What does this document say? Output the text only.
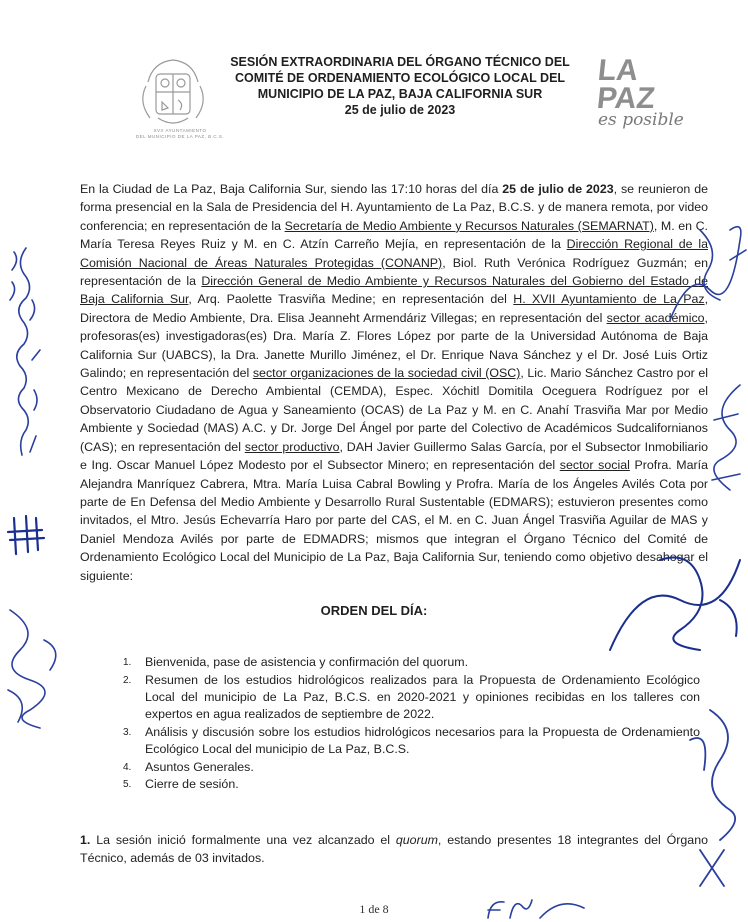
XVII AYUNTAMIENTO
DEL MUNICIPIO DE LA PAZ, B.C.S.
SESIÓN EXTRAORDINARIA DEL ÓRGANO TÉCNICO DEL
COMITÉ DE ORDENAMIENTO ECOLÓGICO LOCAL DEL
MUNICIPIO DE LA PAZ, BAJA CALIFORNIA SUR
25 de julio de 2023
LA
PAZ
es posible
En la Ciudad de La Paz, Baja California Sur, siendo las 17:10 horas del día 25 de julio de 2023, se reunieron de forma presencial en la Sala de Presidencia del H. Ayuntamiento de La Paz, B.C.S. y de manera remota, por video conferencia; en representación de la Secretaría de Medio Ambiente y Recursos Naturales (SEMARNAT), M. en C. María Teresa Reyes Ruiz y M. en C. Atzín Carreño Mejía, en representación de la Dirección Regional de la Comisión Nacional de Áreas Naturales Protegidas (CONANP), Biol. Ruth Verónica Rodríguez Guzmán; en representación de la Dirección General de Medio Ambiente y Recursos Naturales del Gobierno del Estado de Baja California Sur, Arq. Paolette Trasviña Medine; en representación del H. XVII Ayuntamiento de La Paz, Directora de Medio Ambiente, Dra. Elisa Jeanneht Armendáriz Villegas; en representación del sector académico, profesoras(es) investigadoras(es) Dra. María Z. Flores López por parte de la Universidad Autónoma de Baja California Sur (UABCS), la Dra. Janette Murillo Jiménez, el Dr. Enrique Nava Sánchez y el Dr. José Luis Ortiz Galindo; en representación del sector organizaciones de la sociedad civil (OSC), Lic. Mario Sánchez Castro por el Centro Mexicano de Derecho Ambiental (CEMDA), Espec. Xóchitl Domitila Oceguera Rodríguez por el Observatorio Ciudadano de Agua y Saneamiento (OCAS) de La Paz y M. en C. Anahí Trasviña Mar por Medio Ambiente y Sociedad (MAS) A.C. y Dr. Jorge Del Ángel por parte del Colectivo de Académicos Sudcalifornianos (CAS); en representación del sector productivo, DAH Javier Guillermo Salas García, por el Subsector Inmobiliario e Ing. Oscar Manuel López Modesto por el Subsector Minero; en representación del sector social Profra. María Alejandra Manríquez Cabrera, Mtra. María Luisa Cabral Bowling y Profra. María de los Ángeles Avilés Cota por parte de En Defensa del Medio Ambiente y Desarrollo Rural Sustentable (EDMARS); estuvieron presentes como invitados, el Mtro. Jesús Echevarría Haro por parte del CAS, el M. en C. Juan Ángel Trasviña Aguilar de MAS y Daniel Mendoza Avilés por parte de EDMADRS; mismos que integran el Órgano Técnico del Comité de Ordenamiento Ecológico Local del Municipio de La Paz, Baja California Sur, teniendo como objetivo desahogar el siguiente:
ORDEN DEL DÍA:
1. Bienvenida, pase de asistencia y confirmación del quorum.
2. Resumen de los estudios hidrológicos realizados para la Propuesta de Ordenamiento Ecológico Local del municipio de La Paz, B.C.S. en 2020-2021 y opiniones recibidas en los talleres con expertos en agua realizados de septiembre de 2022.
3. Análisis y discusión sobre los estudios hidrológicos necesarios para la Propuesta de Ordenamiento Ecológico Local del municipio de La Paz, B.C.S.
4. Asuntos Generales.
5. Cierre de sesión.
1. La sesión inició formalmente una vez alcanzado el quorum, estando presentes 18 integrantes del Órgano Técnico, además de 03 invitados.
1 de 8
